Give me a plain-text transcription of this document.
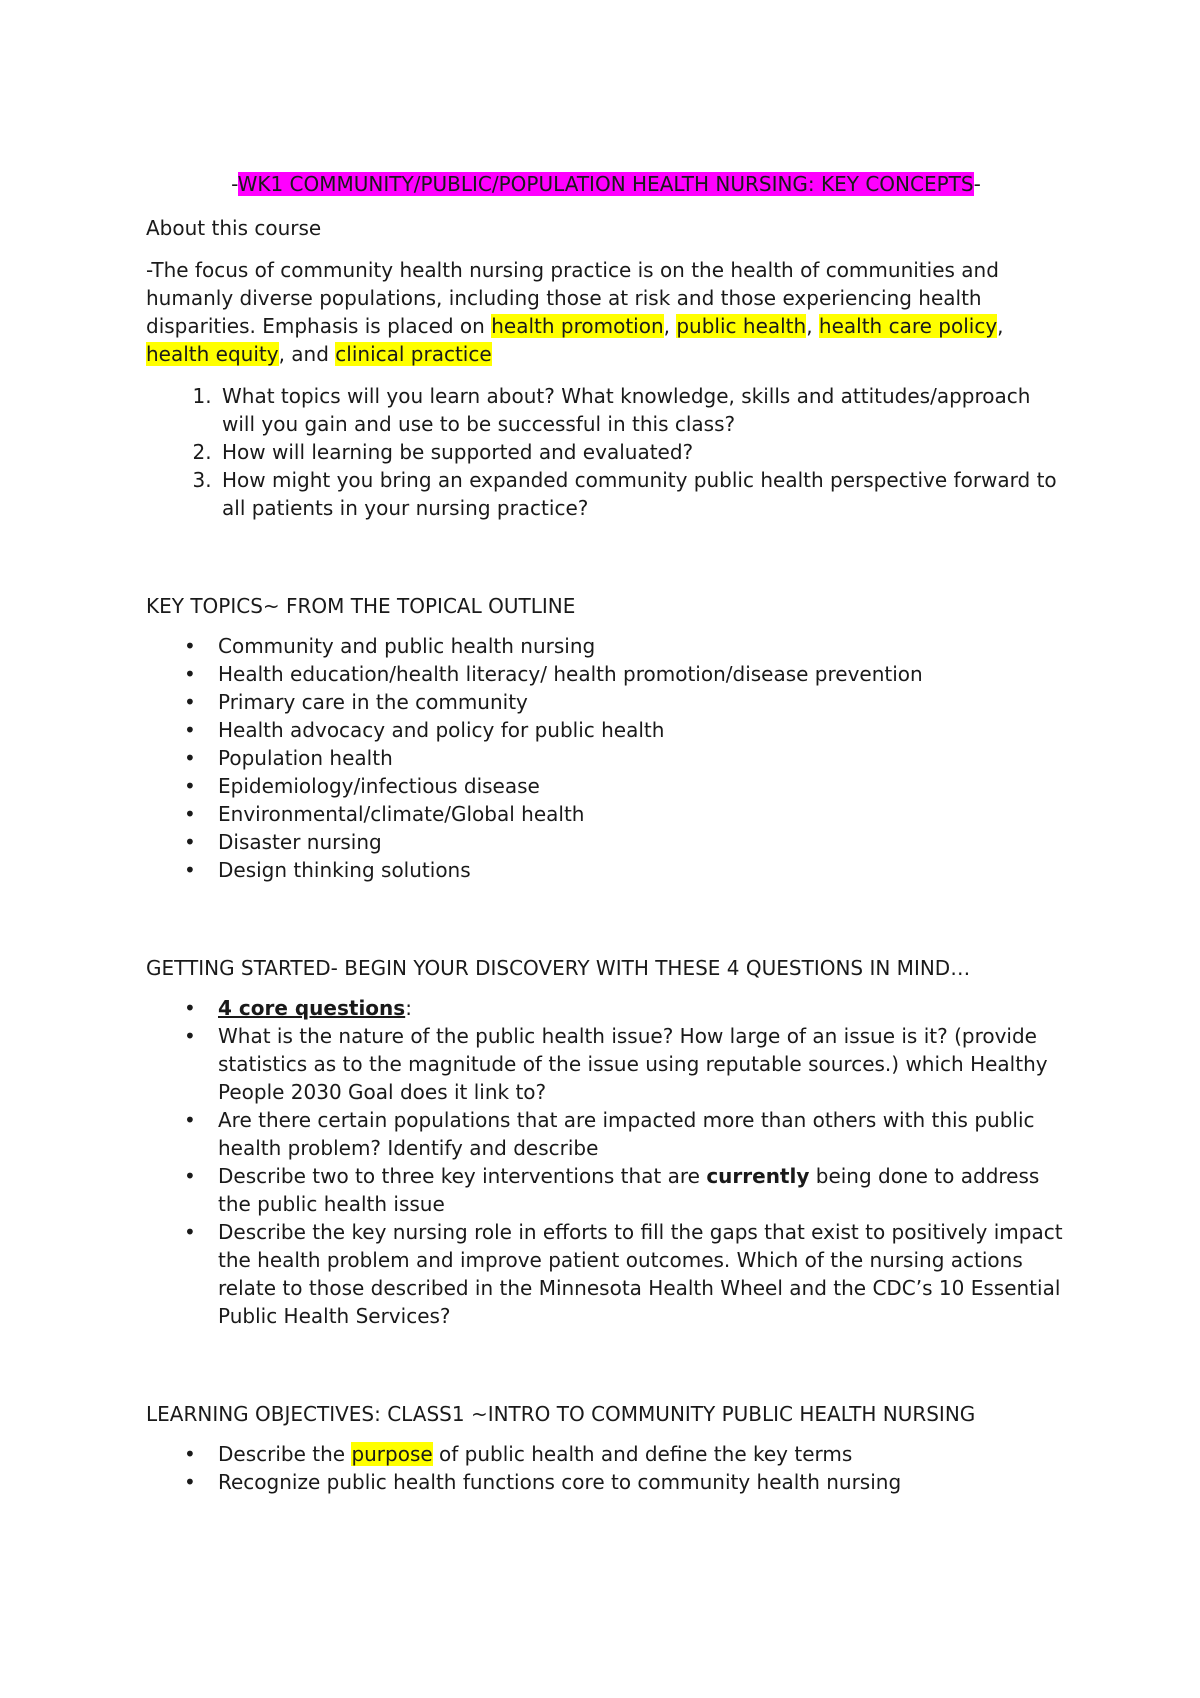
-WK1 COMMUNITY/PUBLIC/POPULATION HEALTH NURSING: KEY CONCEPTS-

About this course

-The focus of community health nursing practice is on the health of communities and humanly diverse populations, including those at risk and those experiencing health disparities. Emphasis is placed on health promotion, public health, health care policy, health equity, and clinical practice

1. What topics will you learn about? What knowledge, skills and attitudes/approach will you gain and use to be successful in this class?
2. How will learning be supported and evaluated?
3. How might you bring an expanded community public health perspective forward to all patients in your nursing practice?

KEY TOPICS~ FROM THE TOPICAL OUTLINE

• Community and public health nursing
• Health education/health literacy/ health promotion/disease prevention
• Primary care in the community
• Health advocacy and policy for public health
• Population health
• Epidemiology/infectious disease
• Environmental/climate/Global health
• Disaster nursing
• Design thinking solutions

GETTING STARTED- BEGIN YOUR DISCOVERY WITH THESE 4 QUESTIONS IN MIND…

• 4 core questions:
• What is the nature of the public health issue? How large of an issue is it? (provide statistics as to the magnitude of the issue using reputable sources.) which Healthy People 2030 Goal does it link to?
• Are there certain populations that are impacted more than others with this public health problem? Identify and describe
• Describe two to three key interventions that are currently being done to address the public health issue
• Describe the key nursing role in efforts to fill the gaps that exist to positively impact the health problem and improve patient outcomes. Which of the nursing actions relate to those described in the Minnesota Health Wheel and the CDC’s 10 Essential Public Health Services?

LEARNING OBJECTIVES: CLASS1 ~INTRO TO COMMUNITY PUBLIC HEALTH NURSING

• Describe the purpose of public health and define the key terms
• Recognize public health functions core to community health nursing
